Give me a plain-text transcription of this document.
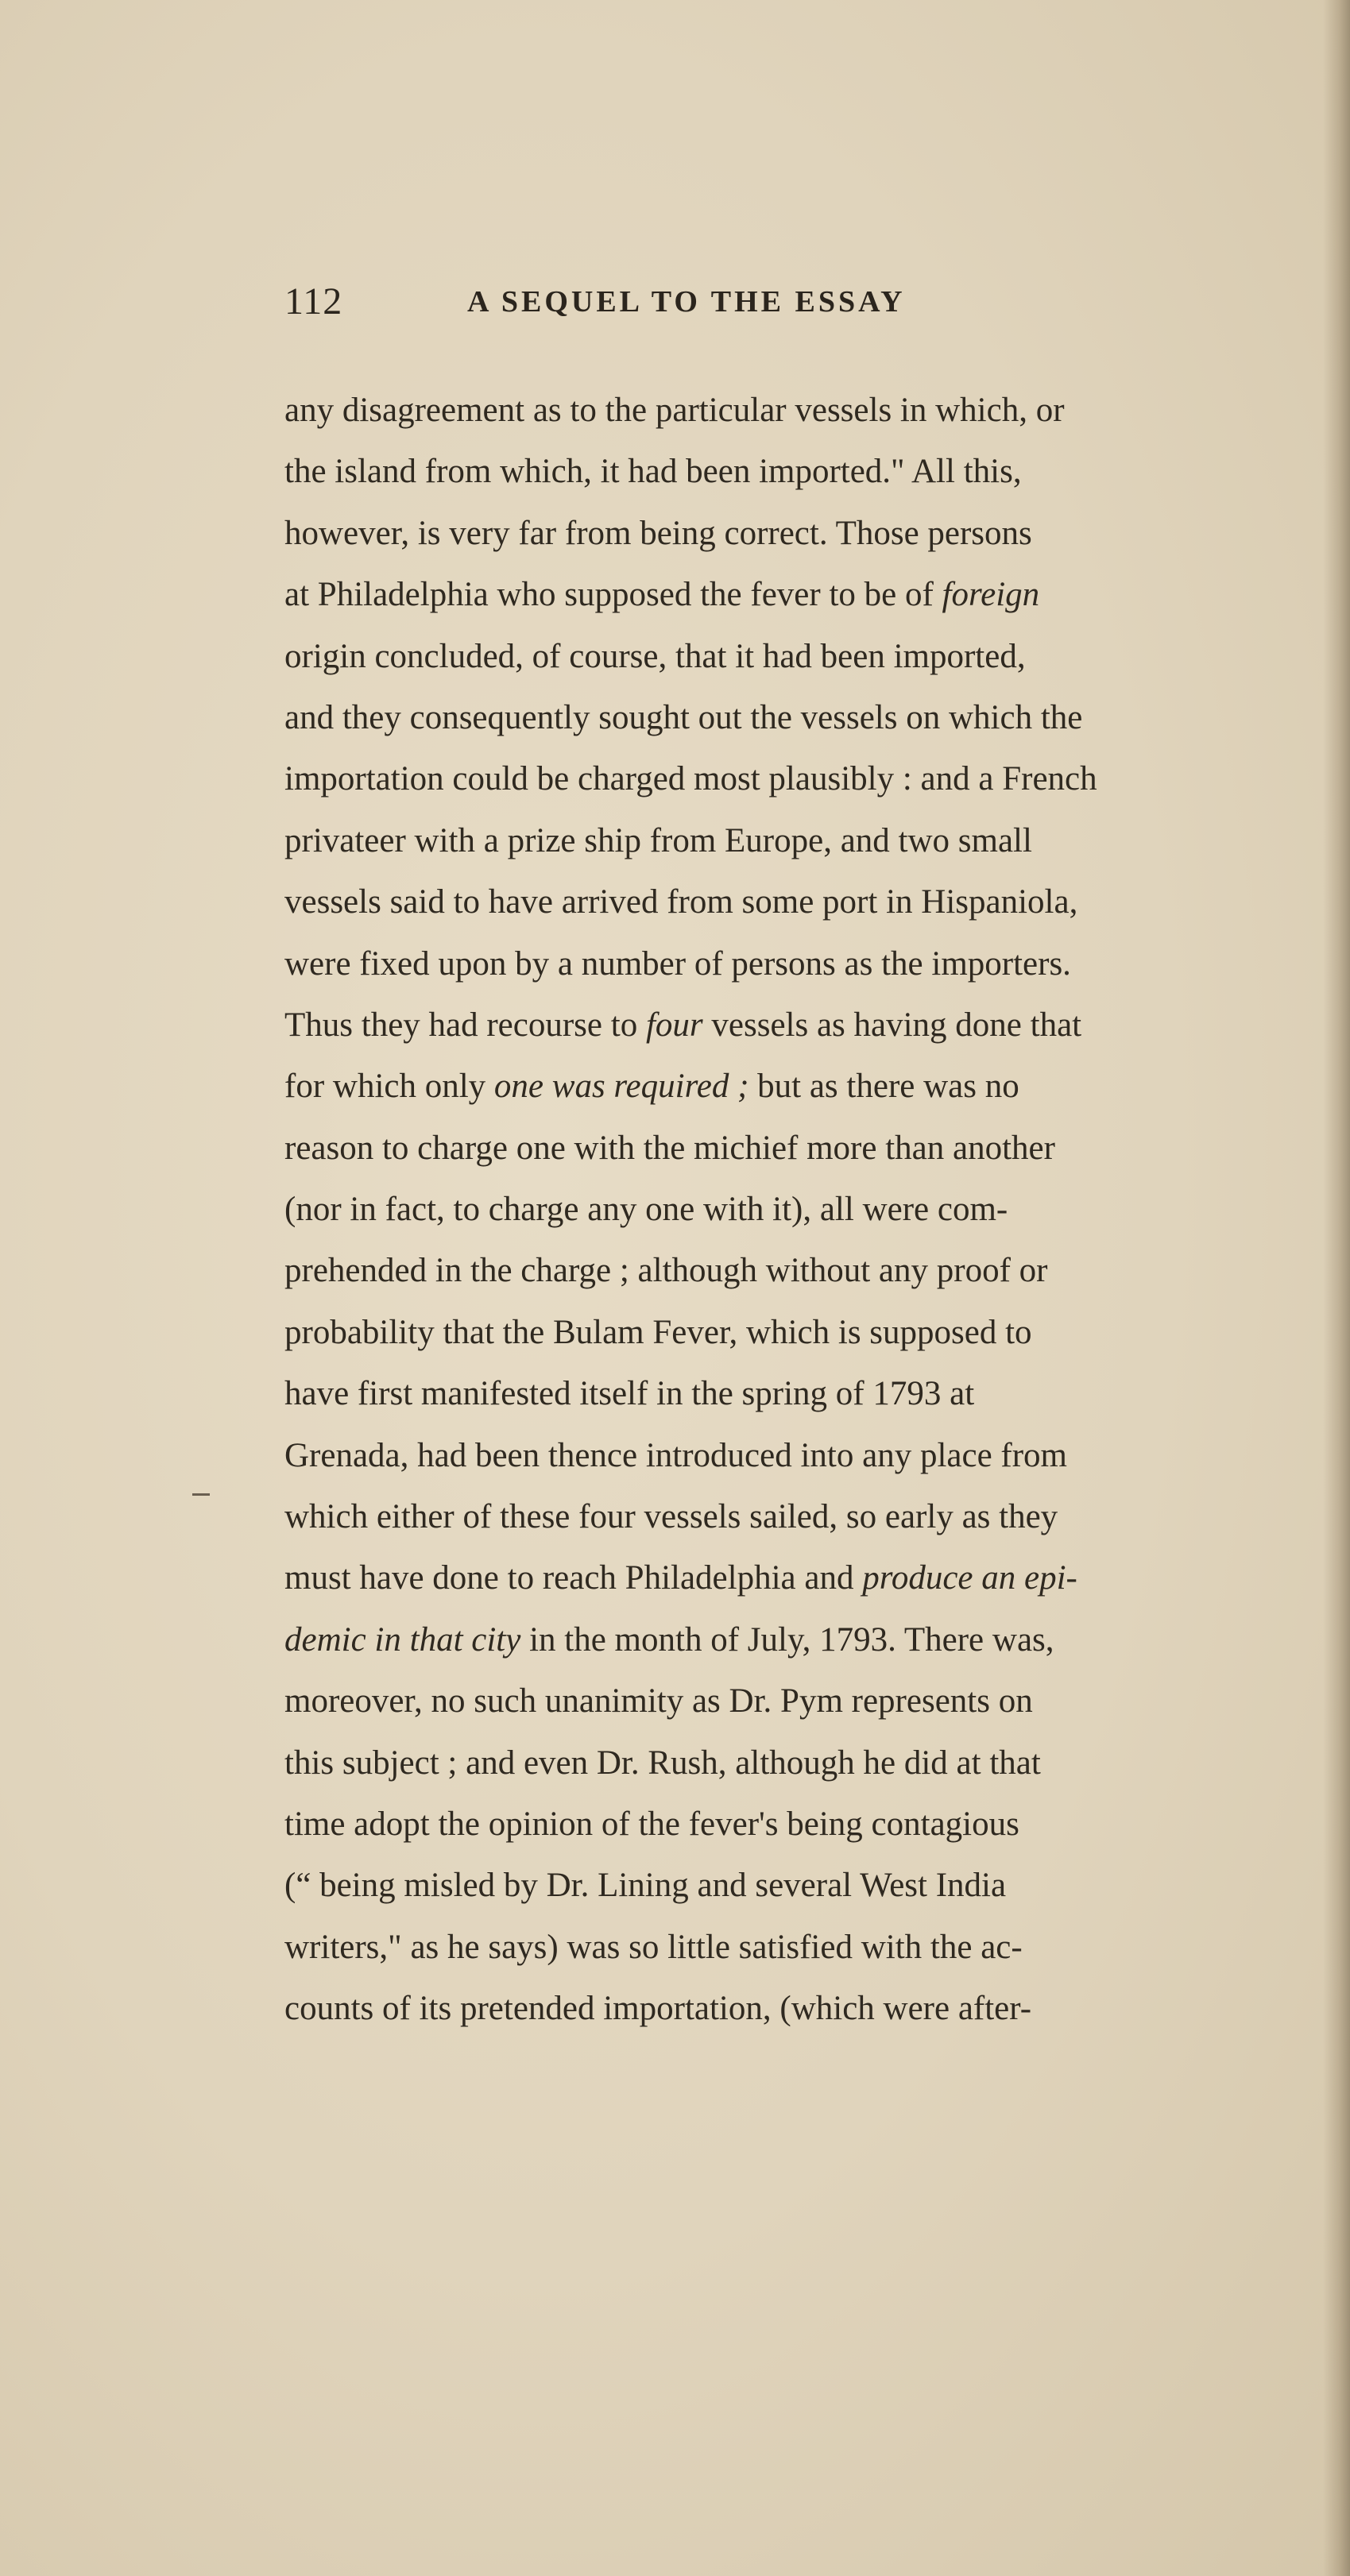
112	A SEQUEL TO THE ESSAY
any disagreement as to the particular vessels in which, or
the island from which, it had been imported." All this,
however, is very far from being correct. Those persons
at Philadelphia who supposed the fever to be of foreign
origin concluded, of course, that it had been imported,
and they consequently sought out the vessels on which the
importation could be charged most plausibly : and a French
privateer with a prize ship from Europe, and two small
vessels said to have arrived from some port in Hispaniola,
were fixed upon by a number of persons as the importers.
Thus they had recourse to four vessels as having done that
for which only one was required ; but as there was no
reason to charge one with the michief more than another
(nor in fact, to charge any one with it), all were com-
prehended in the charge ; although without any proof or
probability that the Bulam Fever, which is supposed to
have first manifested itself in the spring of 1793 at
Grenada, had been thence introduced into any place from
which either of these four vessels sailed, so early as they
must have done to reach Philadelphia and produce an epi-
demic in that city in the month of July, 1793. There was,
moreover, no such unanimity as Dr. Pym represents on
this subject ; and even Dr. Rush, although he did at that
time adopt the opinion of the fever's being contagious
(“ being misled by Dr. Lining and several West India
writers," as he says) was so little satisfied with the ac-
counts of its pretended importation, (which were after-
